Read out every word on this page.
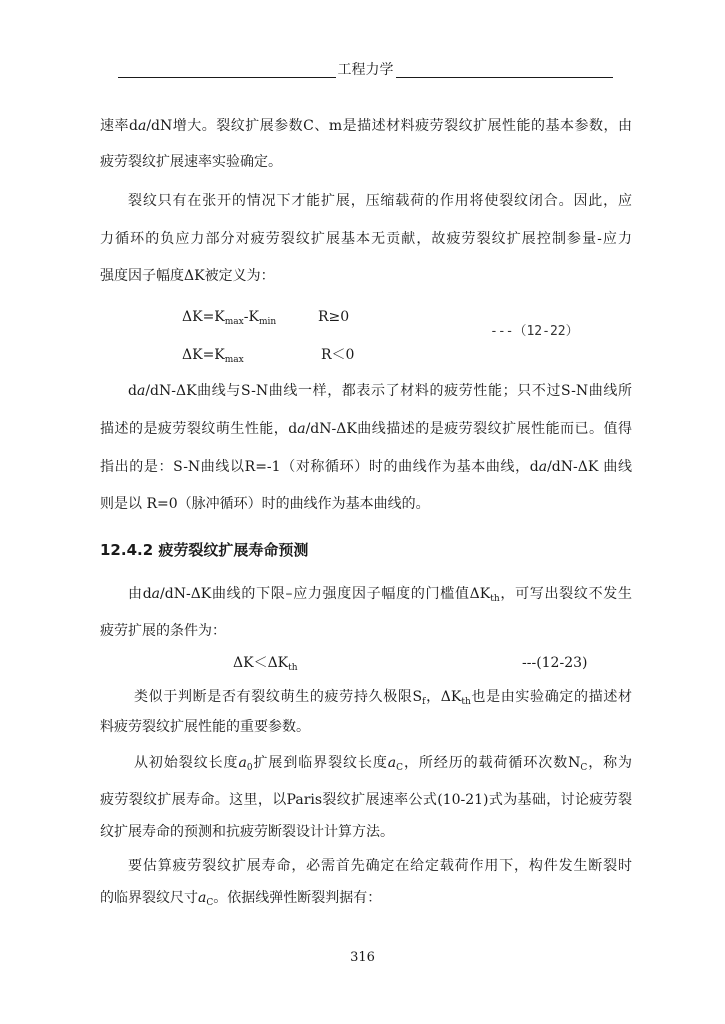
工程力学

速率da/dN增大。裂纹扩展参数C、m是描述材料疲劳裂纹扩展性能的基本参数，由

疲劳裂纹扩展速率实验确定。

裂纹只有在张开的情况下才能扩展，压缩载荷的作用将使裂纹闭合。因此，应

力循环的负应力部分对疲劳裂纹扩展基本无贡献，故疲劳裂纹扩展控制参量-应力

强度因子幅度ΔK被定义为：

$\Delta K=K_{max}-K_{min}$	R≥0
---（12-22）
$\Delta K=K_{max}$	R＜0

da/dN-ΔK曲线与S-N曲线一样，都表示了材料的疲劳性能；只不过S-N曲线所

描述的是疲劳裂纹萌生性能，da/dN-ΔK曲线描述的是疲劳裂纹扩展性能而已。值得

指出的是：S-N曲线以R=-1（对称循环）时的曲线作为基本曲线，da/dN-ΔK 曲线

则是以 R=0（脉冲循环）时的曲线作为基本曲线的。

12.4.2 疲劳裂纹扩展寿命预测

由da/dN-ΔK曲线的下限–应力强度因子幅度的门槛值$\Delta K_{th}$，可写出裂纹不发生

疲劳扩展的条件为：

$\Delta K<\Delta K_{th}$	---(12-23)

类似于判断是否有裂纹萌生的疲劳持久极限$S_f$，$\Delta K_{th}$也是由实验确定的描述材

料疲劳裂纹扩展性能的重要参数。

从初始裂纹长度$a_0$扩展到临界裂纹长度$a_C$，所经历的载荷循环次数$N_C$，称为

疲劳裂纹扩展寿命。这里，以Paris裂纹扩展速率公式(10-21)式为基础，讨论疲劳裂

纹扩展寿命的预测和抗疲劳断裂设计计算方法。

要估算疲劳裂纹扩展寿命，必需首先确定在给定载荷作用下，构件发生断裂时

的临界裂纹尺寸$a_C$。依据线弹性断裂判据有：

316
